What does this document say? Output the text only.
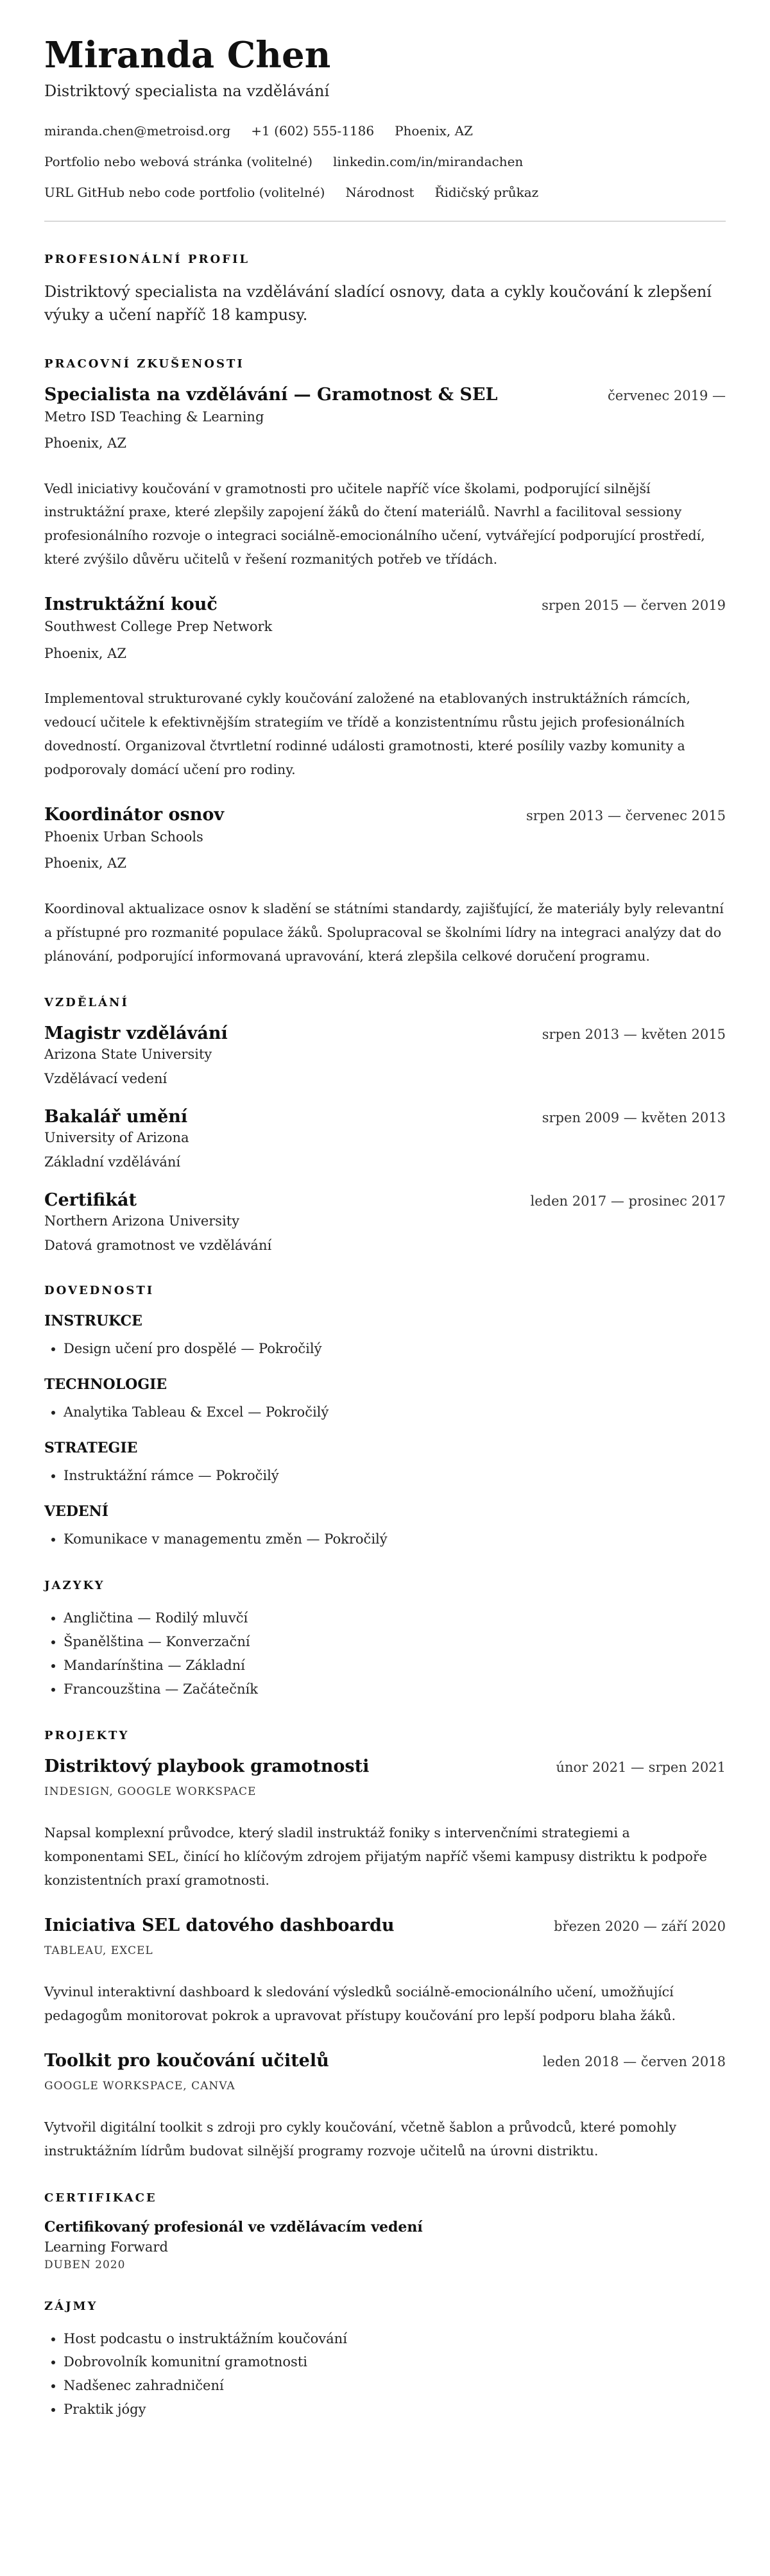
Miranda Chen
Distriktový specialista na vzdělávání
miranda.chen@metroisd.org +1 (602) 555-1186 Phoenix, AZ
Portfolio nebo webová stránka (volitelné) linkedin.com/in/mirandachen
URL GitHub nebo code portfolio (volitelné) Národnost Řidičský průkaz
PROFESIONÁLNÍ PROFIL

Distriktový specialista na vzdělávání sladící osnovy, data a cykly koučování k zlepšení výuky a učení napříč 18 kampusy.

PRACOVNÍ ZKUŠENOSTI
Specialista na vzdělávání — Gramotnost & SEL	červenec 2019 —
Metro ISD Teaching & Learning
Phoenix, AZ
Vedl iniciativy koučování v gramotnosti pro učitele napříč více školami, podporující silnější instruktážní praxe, které zlepšily zapojení žáků do čtení materiálů. Navrhl a facilitoval sessiony profesionálního rozvoje o integraci sociálně-emocionálního učení, vytvářející podporující prostředí, které zvýšilo důvěru učitelů v řešení rozmanitých potřeb ve třídách.
Instruktážní kouč	srpen 2015 — červen 2019
Southwest College Prep Network
Phoenix, AZ
Implementoval strukturované cykly koučování založené na etablovaných instruktážních rámcích, vedoucí učitele k efektivnějším strategiím ve třídě a konzistentnímu růstu jejich profesionálních dovedností. Organizoval čtvrtletní rodinné události gramotnosti, které posílily vazby komunity a podporovaly domácí učení pro rodiny.
Koordinátor osnov	srpen 2013 — červenec 2015
Phoenix Urban Schools
Phoenix, AZ
Koordinoval aktualizace osnov k sladění se státními standardy, zajišťující, že materiály byly relevantní a přístupné pro rozmanité populace žáků. Spolupracoval se školními lídry na integraci analýzy dat do plánování, podporující informovaná upravování, která zlepšila celkové doručení programu.
VZDĚLÁNÍ
Magistr vzdělávání	srpen 2013 — květen 2015
Arizona State University
Vzdělávací vedení
Bakalář umění	srpen 2009 — květen 2013
University of Arizona
Základní vzdělávání
Certifikát	leden 2017 — prosinec 2017
Northern Arizona University
Datová gramotnost ve vzdělávání
DOVEDNOSTI
INSTRUKCE
• Design učení pro dospělé — Pokročilý
TECHNOLOGIE
• Analytika Tableau & Excel — Pokročilý
STRATEGIE
• Instruktážní rámce — Pokročilý
VEDENÍ
• Komunikace v managementu změn — Pokročilý
JAZYKY
• Angličtina — Rodilý mluvčí
• Španělština — Konverzační
• Mandarínština — Základní
• Francouzština — Začátečník
PROJEKTY
Distriktový playbook gramotnosti	únor 2021 — srpen 2021
INDESIGN, GOOGLE WORKSPACE
Napsal komplexní průvodce, který sladil instruktáž foniky s intervenčními strategiemi a komponentami SEL, činící ho klíčovým zdrojem přijatým napříč všemi kampusy distriktu k podpoře konzistentních praxí gramotnosti.
Iniciativa SEL datového dashboardu	březen 2020 — září 2020
TABLEAU, EXCEL
Vyvinul interaktivní dashboard k sledování výsledků sociálně-emocionálního učení, umožňující pedagogům monitorovat pokrok a upravovat přístupy koučování pro lepší podporu blaha žáků.
Toolkit pro koučování učitelů	leden 2018 — červen 2018
GOOGLE WORKSPACE, CANVA
Vytvořil digitální toolkit s zdroji pro cykly koučování, včetně šablon a průvodců, které pomohly instruktážním lídrům budovat silnější programy rozvoje učitelů na úrovni distriktu.
CERTIFIKACE
Certifikovaný profesionál ve vzdělávacím vedení
Learning Forward
DUBEN 2020
ZÁJMY
• Host podcastu o instruktážním koučování
• Dobrovolník komunitní gramotnosti
• Nadšenec zahradničení
• Praktik jógy
